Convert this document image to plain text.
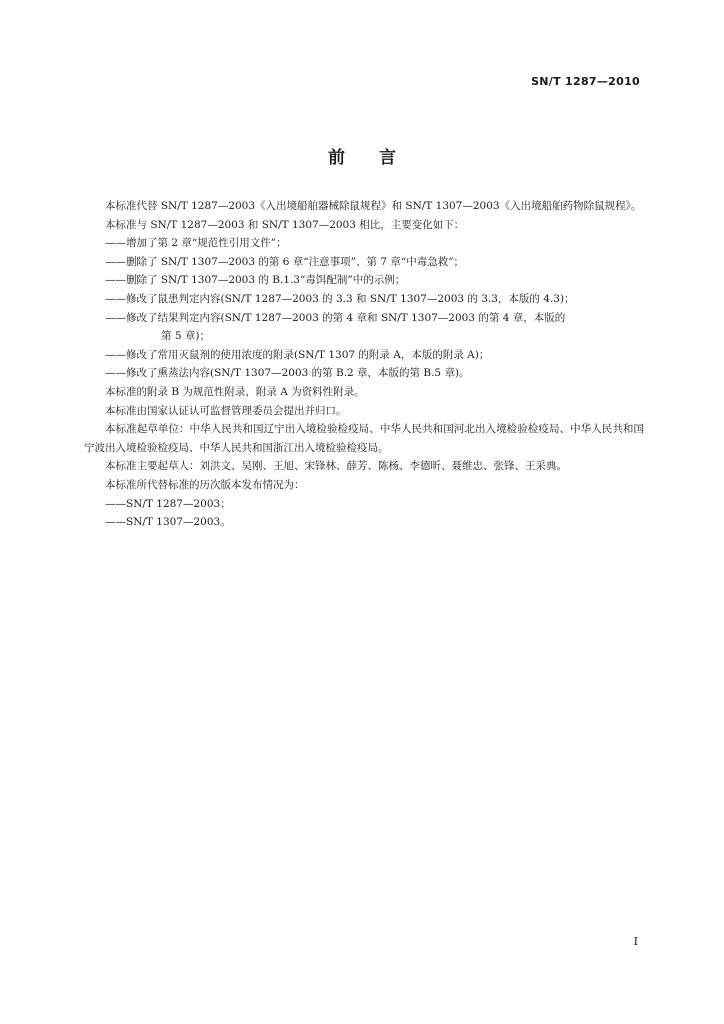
SN/T 1287—2010
前言

本标准代替 SN/T 1287—2003《入出境船舶器械除鼠规程》和 SN/T 1307—2003《入出境船舶药物除鼠规程》。

本标准与 SN/T 1287—2003 和 SN/T 1307—2003 相比，主要变化如下：

——增加了第 2 章“规范性引用文件”；

——删除了 SN/T 1307—2003 的第 6 章“注意事项”、第 7 章“中毒急救”；

——删除了 SN/T 1307—2003 的 B.1.3“毒饵配制”中的示例；

——修改了鼠患判定内容(SN/T 1287—2003 的 3.3 和 SN/T 1307—2003 的 3.3，本版的 4.3)；

——修改了结果判定内容(SN/T 1287—2003 的第 4 章和 SN/T 1307—2003 的第 4 章，本版的
第 5 章)；

——修改了常用灭鼠剂的使用浓度的附录(SN/T 1307 的附录 A，本版的附录 A)；

——修改了熏蒸法内容(SN/T 1307—2003 的第 B.2 章，本版的第 B.5 章)。

本标准的附录 B 为规范性附录，附录 A 为资料性附录。

本标准由国家认证认可监督管理委员会提出并归口。

本标准起草单位：中华人民共和国辽宁出入境检验检疫局、中华人民共和国河北出入境检验检疫局、中华人民共和国宁波出入境检验检疫局、中华人民共和国浙江出入境检验检疫局。

本标准主要起草人：刘洪文、吴刚、王旭、宋锋林、薛芳、陈杨、李德昕、聂维忠、张锋、王采典。

本标准所代替标准的历次版本发布情况为：

——SN/T 1287—2003；

——SN/T 1307—2003。

I
